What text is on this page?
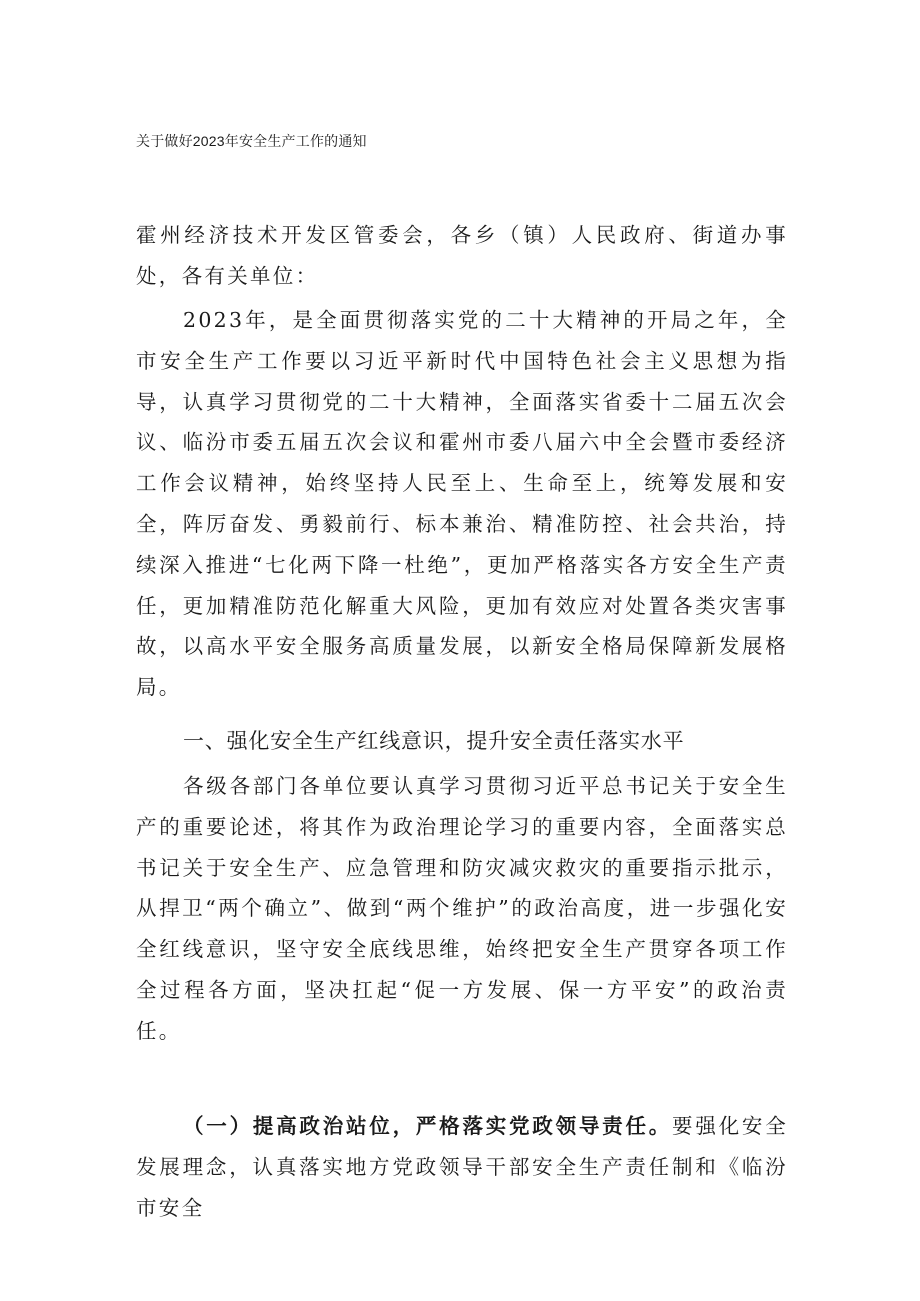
关于做好2023年安全生产工作的通知
霍州经济技术开发区管委会，各乡（镇）人民政府、街道办事处，各有关单位：
2023年，是全面贯彻落实党的二十大精神的开局之年，全市安全生产工作要以习近平新时代中国特色社会主义思想为指导，认真学习贯彻党的二十大精神，全面落实省委十二届五次会议、临汾市委五届五次会议和霍州市委八届六中全会暨市委经济工作会议精神，始终坚持人民至上、生命至上，统筹发展和安全，阵厉奋发、勇毅前行、标本兼治、精准防控、社会共治，持续深入推进“七化两下降一杜绝”，更加严格落实各方安全生产责任，更加精准防范化解重大风险，更加有效应对处置各类灾害事故，以高水平安全服务高质量发展，以新安全格局保障新发展格局。
一、强化安全生产红线意识，提升安全责任落实水平
各级各部门各单位要认真学习贯彻习近平总书记关于安全生产的重要论述，将其作为政治理论学习的重要内容，全面落实总书记关于安全生产、应急管理和防灾减灾救灾的重要指示批示，从捍卫“两个确立”、做到“两个维护”的政治高度，进一步强化安全红线意识，坚守安全底线思维，始终把安全生产贯穿各项工作全过程各方面，坚决扛起“促一方发展、保一方平安”的政治责任。
（一）提高政治站位，严格落实党政领导责任。要强化安全发展理念，认真落实地方党政领导干部安全生产责任制和《临汾市安全
